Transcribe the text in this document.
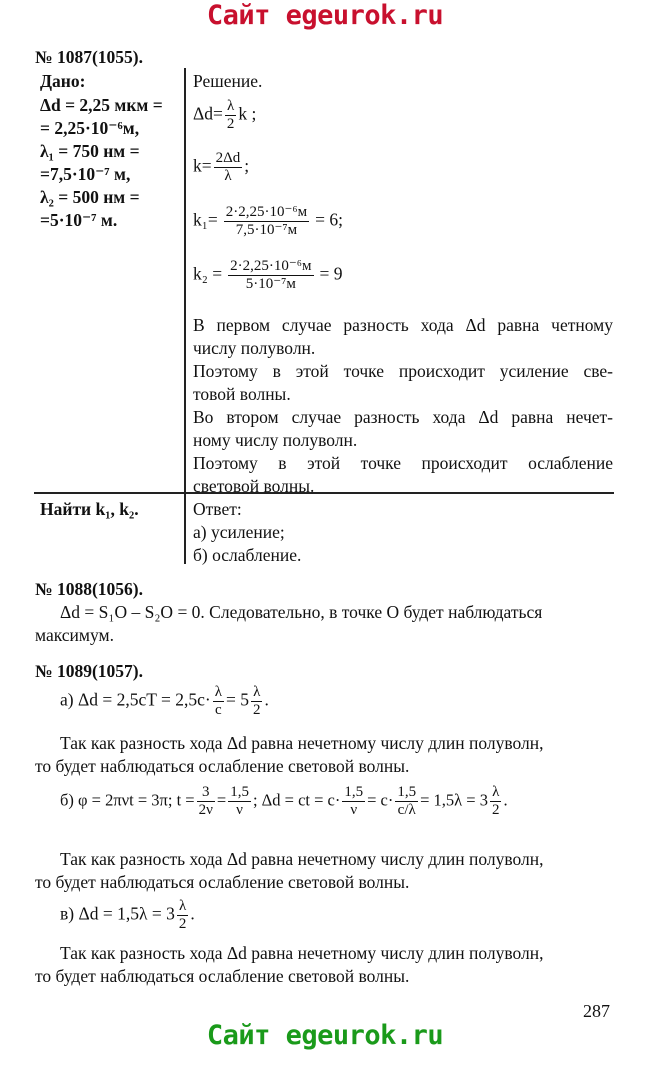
Сайт egeurok.ru
Сайт egeurok.ru
№ 1087(1055).
Дано:
Δd = 2,25 мкм =
= 2,25·10⁻⁶м,
λ₁ = 750 нм =
=7,5·10⁻⁷ м,
λ₂ = 500 нм =
=5·10⁻⁷ м.
Решение.
$\Delta d= \frac{\lambda}{2}$ k ;
$k= \frac{2\Delta d}{\lambda}$ ;
$k_1= \frac{\text{2·2,25·10⁻⁶м}}{\text{7,5·10⁻⁷м}} = 6$;
$k_2 = \frac{\text{2·2,25·10⁻⁶м}}{\text{5·10⁻⁷м}} = 9$
В первом случае разность хода Δd равна четному
числу полуволн.
Поэтому в этой точке происходит усиление све-
товой волны.
Во втором случае разность хода Δd равна нечет-
ному числу полуволн.
Поэтому в этой точке происходит ослабление
световой волны.
Найти k₁, k₂.	Ответ:
а) усиление;
б) ослабление.
№ 1088(1056).
Δd = S₁O – S₂O = 0. Следовательно, в точке O будет наблюдаться
максимум.
№ 1089(1057).
а) $\Delta d = 2,5cT = 2,5c\cdot \frac{\lambda}{c} = 5 \frac{\lambda}{2}$ .
Так как разность хода Δd равна нечетному числу длин полуволн,
то будет наблюдаться ослабление световой волны.
б) φ = 2πνt = 3π; $t = \frac{3}{2\nu} = \frac{1,5}{\nu}$ ; Δd = ct = $c\cdot \frac{1,5}{\nu} = c\cdot \frac{1,5}{c/\lambda} = 1,5\lambda = 3 \frac{\lambda}{2}$ .
Так как разность хода Δd равна нечетному числу длин полуволн,
то будет наблюдаться ослабление световой волны.
в) $\Delta d = 1,5\lambda = 3 \frac{\lambda}{2}$ .
Так как разность хода Δd равна нечетному числу длин полуволн,
то будет наблюдаться ослабление световой волны.
287
